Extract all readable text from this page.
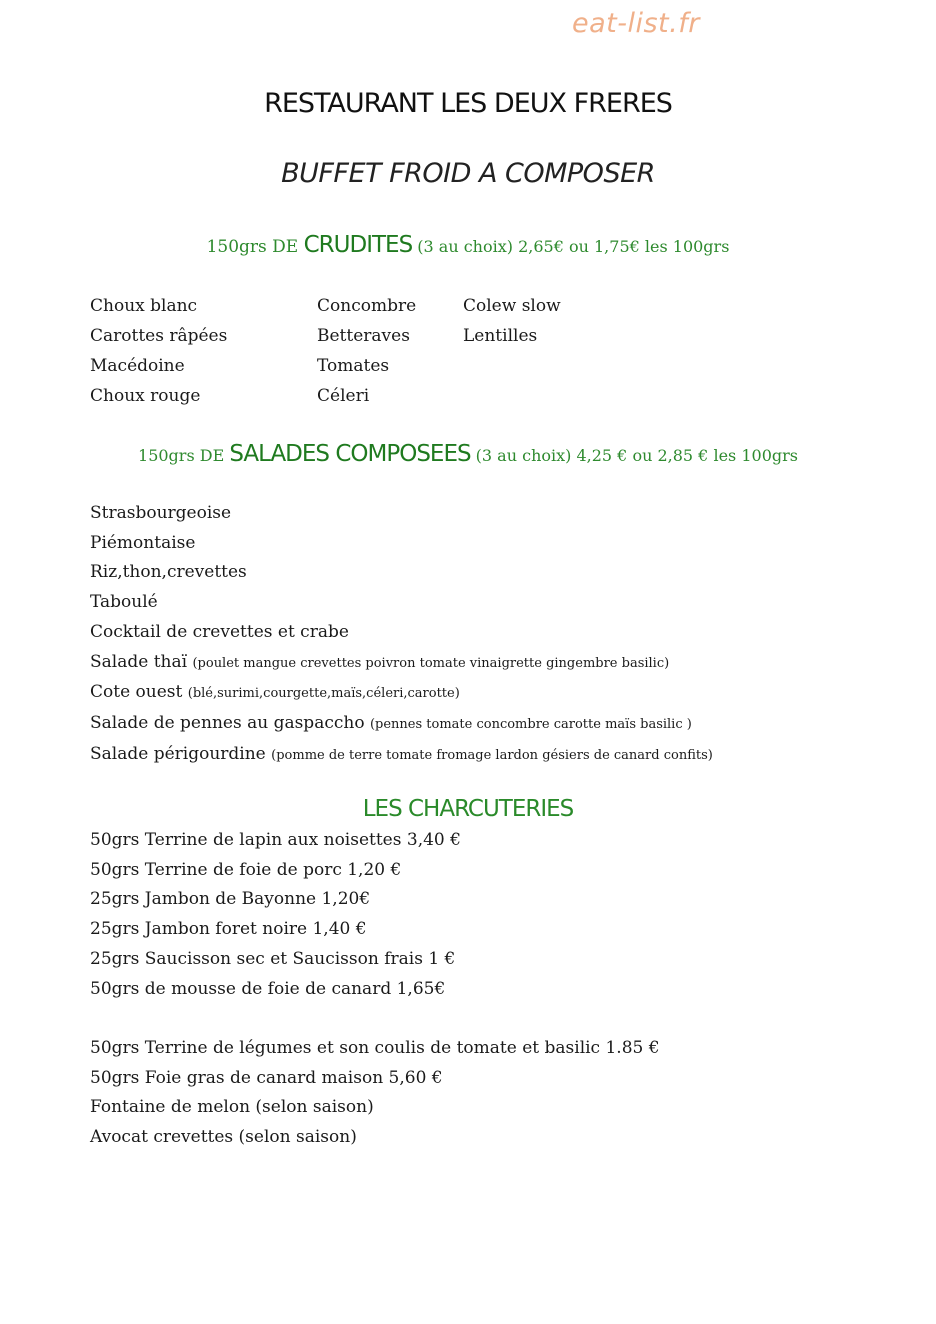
eat-list.fr
RESTAURANT LES DEUX FRERES
BUFFET FROID A COMPOSER
150grs DE CRUDITES (3 au choix) 2,65€ ou 1,75€ les 100grs
Choux blanc
Carottes râpées
Macédoine
Choux rouge
Concombre
Betteraves
Tomates
Céleri
Colew slow
Lentilles
150grs DE SALADES COMPOSEES (3 au choix) 4,25 € ou 2,85 € les 100grs
Strasbourgeoise
Piémontaise
Riz,thon,crevettes
Taboulé
Cocktail de crevettes et crabe
Salade thaï (poulet mangue crevettes poivron tomate vinaigrette gingembre basilic)
Cote ouest (blé,surimi,courgette,maïs,céleri,carotte)
Salade de pennes au gaspaccho (pennes tomate concombre carotte maïs basilic )
Salade périgourdine (pomme de terre tomate fromage lardon gésiers de canard confits)
LES CHARCUTERIES
50grs Terrine de lapin aux noisettes 3,40 €
50grs Terrine de foie de porc 1,20 €
25grs Jambon de Bayonne 1,20€
25grs Jambon foret noire 1,40 €
25grs Saucisson sec et Saucisson frais 1 €
50grs de mousse de foie de canard 1,65€
50grs Terrine de légumes et son coulis de tomate et basilic 1.85 €
50grs Foie gras de canard maison 5,60 €
Fontaine de melon (selon saison)
Avocat crevettes (selon saison)
